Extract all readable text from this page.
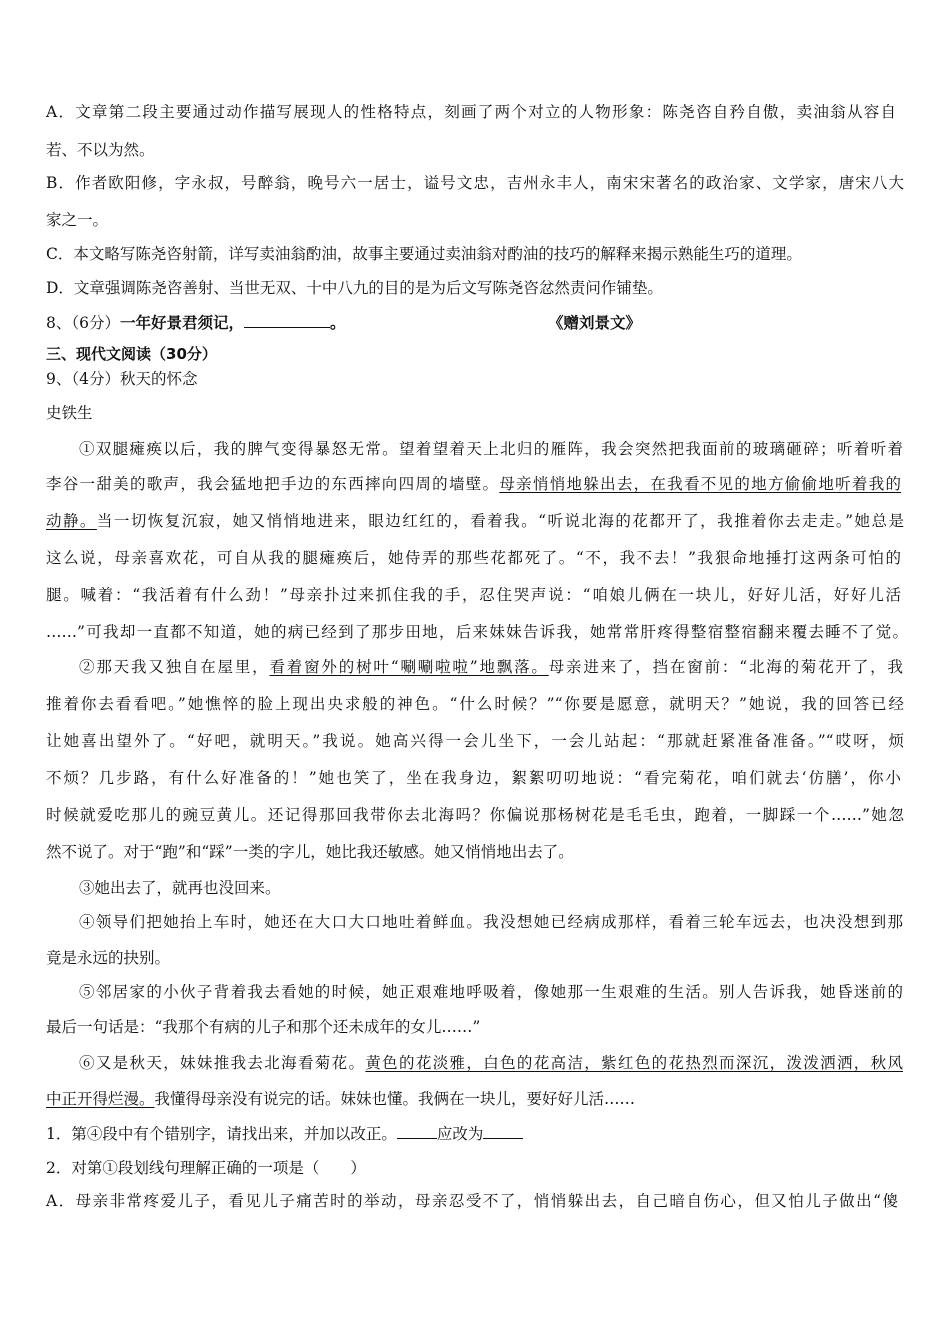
A．文章第二段主要通过动作描写展现人的性格特点，刻画了两个对立的人物形象：陈尧咨自矜自傲，卖油翁从容自
若、不以为然。
B．作者欧阳修，字永叔，号醉翁，晚号六一居士，谥号文忠，吉州永丰人，南宋宋著名的政治家、文学家，唐宋八大
家之一。
C．本文略写陈尧咨射箭，详写卖油翁酌油，故事主要通过卖油翁对酌油的技巧的解释来揭示熟能生巧的道理。
D．文章强调陈尧咨善射、当世无双、十中八九的目的是为后文写陈尧咨忿然责问作铺垫。
8、（6分）一年好景君须记，	。	《赠刘景文》
三、现代文阅读（30分）
9、（4分）秋天的怀念
史铁生
①双腿瘫痪以后，我的脾气变得暴怒无常。望着望着天上北归的雁阵，我会突然把我面前的玻璃砸碎；听着听着
李谷一甜美的歌声，我会猛地把手边的东西摔向四周的墙壁。母亲悄悄地躲出去，在我看不见的地方偷偷地听着我的
动静。当一切恢复沉寂，她又悄悄地进来，眼边红红的，看着我。“听说北海的花都开了，我推着你去走走。”她总是
这么说，母亲喜欢花，可自从我的腿瘫痪后，她侍弄的那些花都死了。“不，我不去！”我狠命地捶打这两条可怕的
腿。喊着：“我活着有什么劲！”母亲扑过来抓住我的手，忍住哭声说：“咱娘儿俩在一块儿，好好儿活，好好儿活
……”可我却一直都不知道，她的病已经到了那步田地，后来妹妹告诉我，她常常肝疼得整宿整宿翻来覆去睡不了觉。
②那天我又独自在屋里，看着窗外的树叶“唰唰啦啦”地飘落。母亲进来了，挡在窗前：“北海的菊花开了，我
推着你去看看吧。”她憔悴的脸上现出央求般的神色。“什么时候？”“你要是愿意，就明天？”她说，我的回答已经
让她喜出望外了。“好吧，就明天。”我说。她高兴得一会儿坐下，一会儿站起：“那就赶紧准备准备。”“哎呀，烦
不烦？几步路，有什么好准备的！”她也笑了，坐在我身边，絮絮叨叨地说：“看完菊花，咱们就去‘仿膳’，你小
时候就爱吃那儿的豌豆黄儿。还记得那回我带你去北海吗？你偏说那杨树花是毛毛虫，跑着，一脚踩一个……”她忽
然不说了。对于“跑”和“踩”一类的字儿，她比我还敏感。她又悄悄地出去了。
③她出去了，就再也没回来。
④领导们把她抬上车时，她还在大口大口地吐着鲜血。我没想她已经病成那样，看着三轮车远去，也决没想到那
竟是永远的抉别。
⑤邻居家的小伙子背着我去看她的时候，她正艰难地呼吸着，像她那一生艰难的生活。别人告诉我，她昏迷前的
最后一句话是：“我那个有病的儿子和那个还未成年的女儿……”
⑥又是秋天，妹妹推我去北海看菊花。黄色的花淡雅，白色的花高洁，紫红色的花热烈而深沉，泼泼洒洒，秋风
中正开得烂漫。我懂得母亲没有说完的话。妹妹也懂。我俩在一块儿，要好好儿活……
1．第④段中有个错别字，请找出来，并加以改正。	应改为
2．对第①段划线句理解正确的一项是（　　）
A．母亲非常疼爱儿子，看见儿子痛苦时的举动，母亲忍受不了，悄悄躲出去，自己暗自伤心，但又怕儿子做出“傻
